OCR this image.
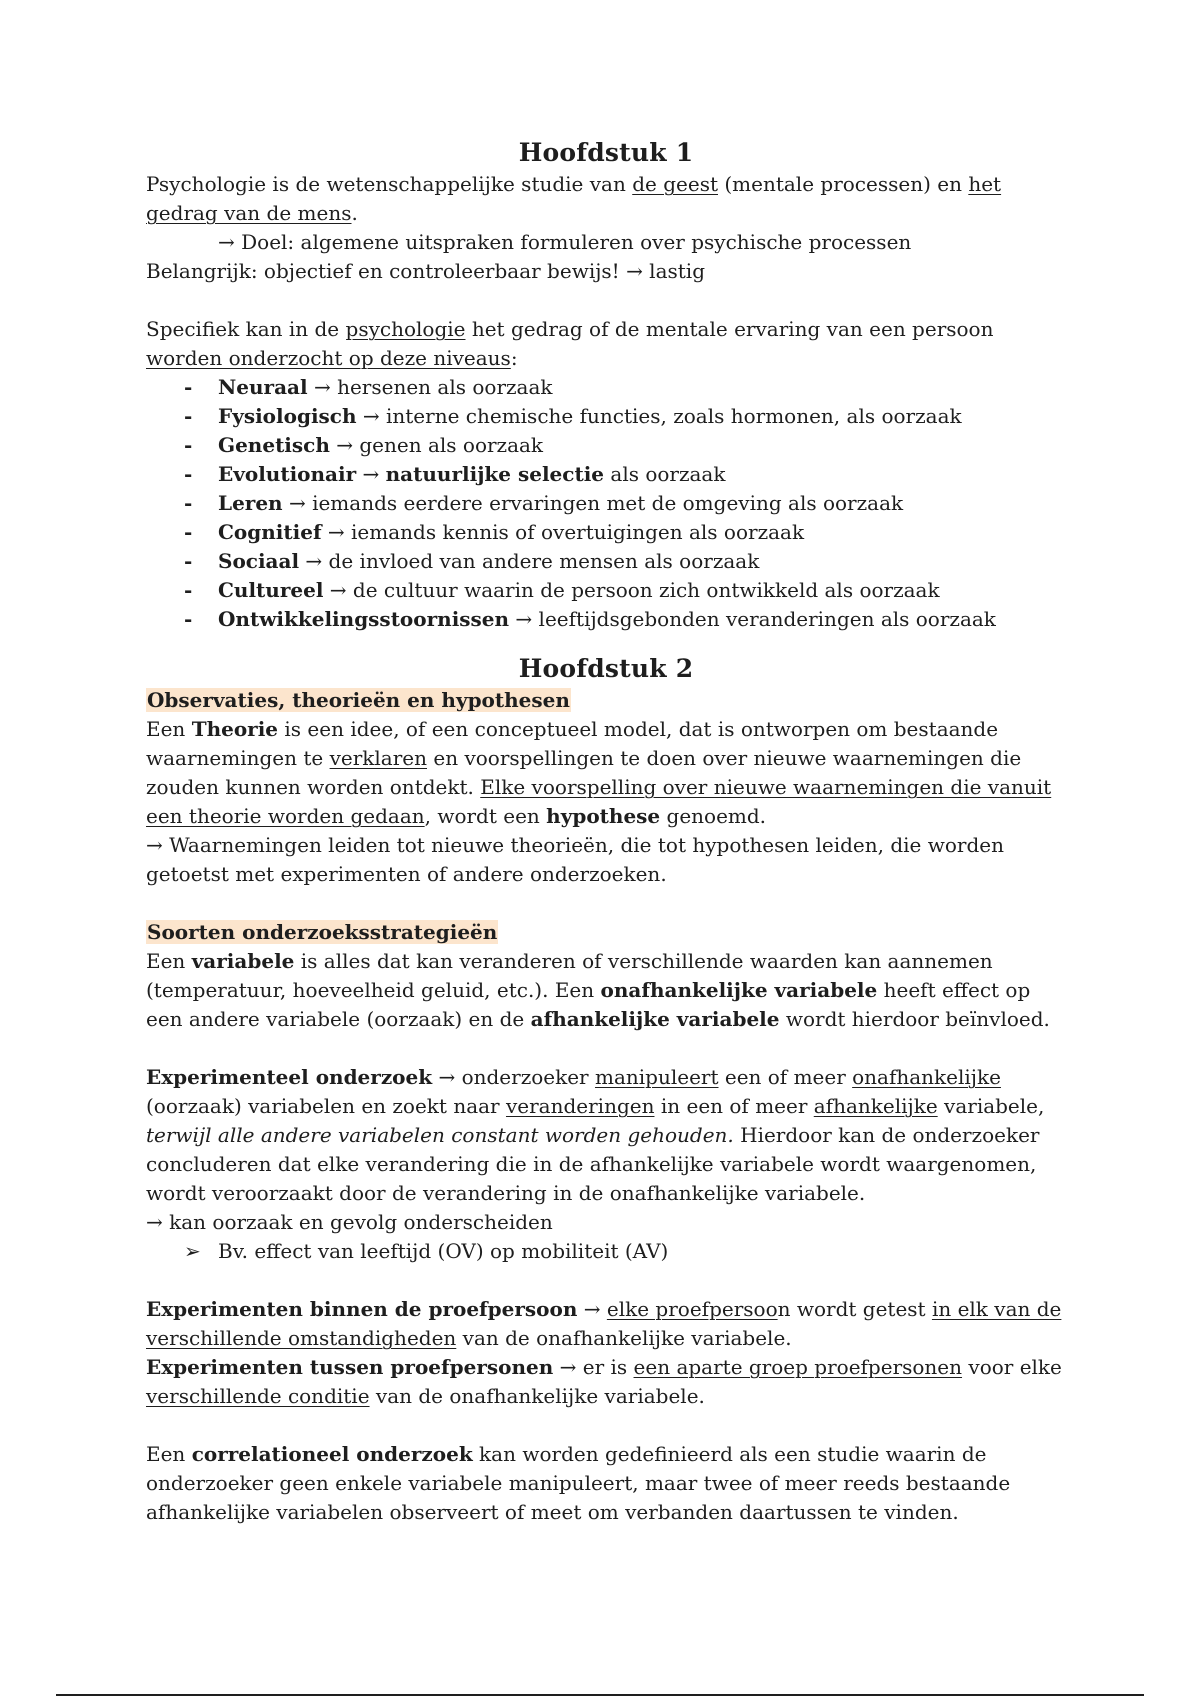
Hoofdstuk 1

Psychologie is de wetenschappelijke studie van de geest (mentale processen) en het gedrag van de mens.

→ Doel: algemene uitspraken formuleren over psychische processen

Belangrijk: objectief en controleerbaar bewijs! → lastig

Specifiek kan in de psychologie het gedrag of de mentale ervaring van een persoon worden onderzocht op deze niveaus:

- Neuraal → hersenen als oorzaak
- Fysiologisch → interne chemische functies, zoals hormonen, als oorzaak
- Genetisch → genen als oorzaak
- Evolutionair → natuurlijke selectie als oorzaak
- Leren → iemands eerdere ervaringen met de omgeving als oorzaak
- Cognitief → iemands kennis of overtuigingen als oorzaak
- Sociaal → de invloed van andere mensen als oorzaak
- Cultureel → de cultuur waarin de persoon zich ontwikkeld als oorzaak
- Ontwikkelingsstoornissen → leeftijdsgebonden veranderingen als oorzaak
Hoofdstuk 2

Observaties, theorieën en hypothesen

Een Theorie is een idee, of een conceptueel model, dat is ontworpen om bestaande waarnemingen te verklaren en voorspellingen te doen over nieuwe waarnemingen die zouden kunnen worden ontdekt. Elke voorspelling over nieuwe waarnemingen die vanuit een theorie worden gedaan, wordt een hypothese genoemd.

→ Waarnemingen leiden tot nieuwe theorieën, die tot hypothesen leiden, die worden getoetst met experimenten of andere onderzoeken.

Soorten onderzoeksstrategieën

Een variabele is alles dat kan veranderen of verschillende waarden kan aannemen (temperatuur, hoeveelheid geluid, etc.). Een onafhankelijke variabele heeft effect op een andere variabele (oorzaak) en de afhankelijke variabele wordt hierdoor beïnvloed.

Experimenteel onderzoek → onderzoeker manipuleert een of meer onafhankelijke (oorzaak) variabelen en zoekt naar veranderingen in een of meer afhankelijke variabele, terwijl alle andere variabelen constant worden gehouden. Hierdoor kan de onderzoeker concluderen dat elke verandering die in de afhankelijke variabele wordt waargenomen, wordt veroorzaakt door de verandering in de onafhankelijke variabele.

→ kan oorzaak en gevolg onderscheiden

➢ Bv. effect van leeftijd (OV) op mobiliteit (AV)

Experimenten binnen de proefpersoon → elke proefpersoon wordt getest in elk van de verschillende omstandigheden van de onafhankelijke variabele.

Experimenten tussen proefpersonen → er is een aparte groep proefpersonen voor elke verschillende conditie van de onafhankelijke variabele.

Een correlationeel onderzoek kan worden gedefinieerd als een studie waarin de onderzoeker geen enkele variabele manipuleert, maar twee of meer reeds bestaande afhankelijke variabelen observeert of meet om verbanden daartussen te vinden.
